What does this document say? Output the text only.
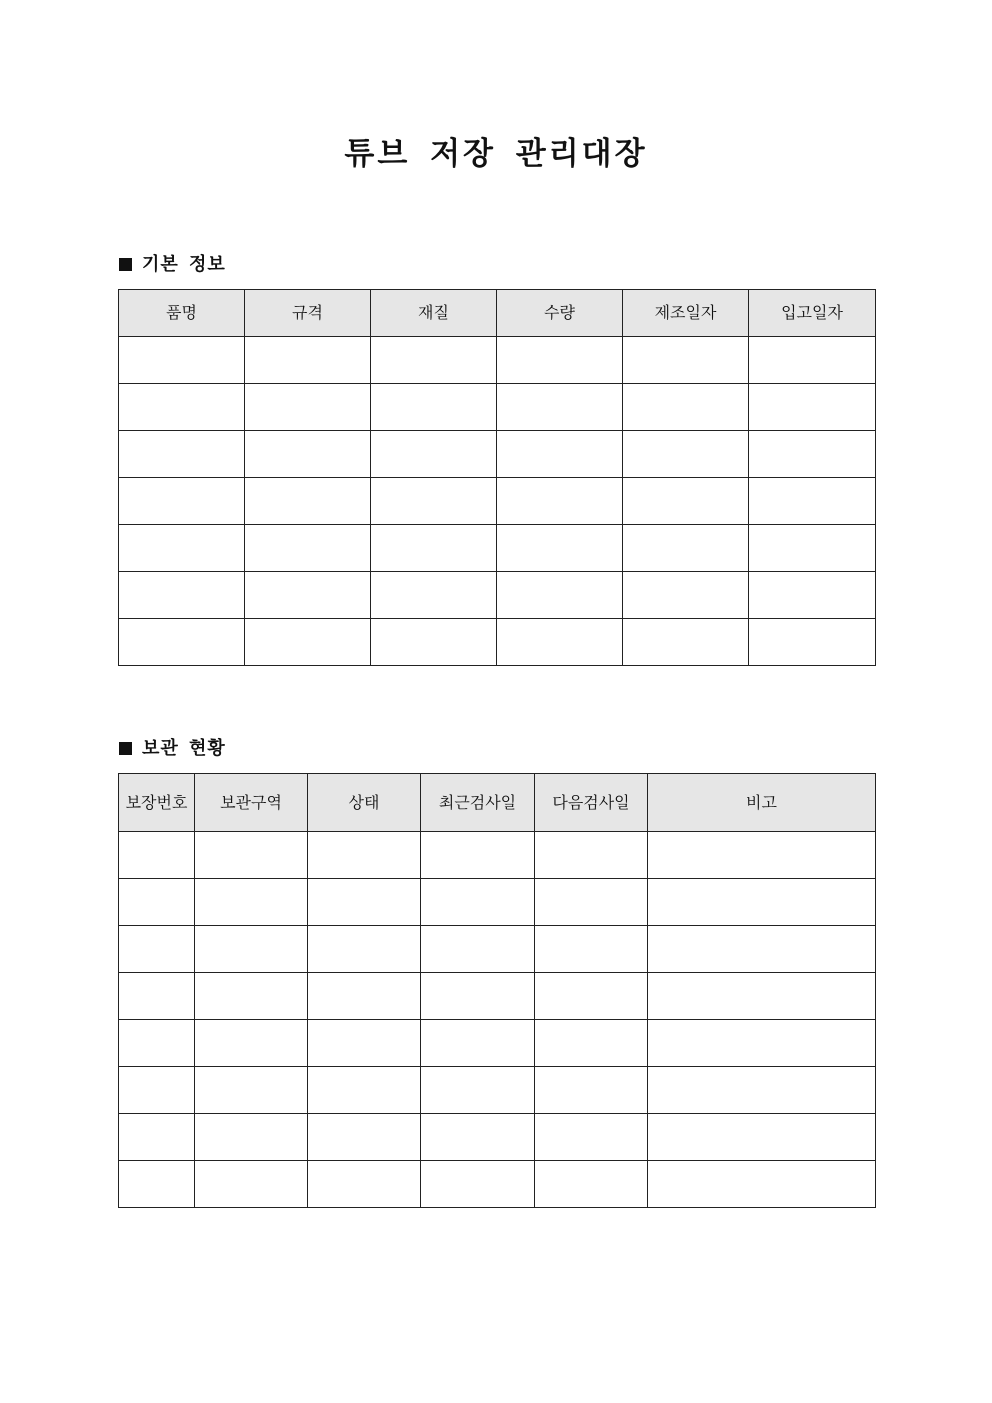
튜브 저장 관리대장
기본 정보
품명	규격	재질	수량	제조일자	입고일자

보관 현황
보장번호	보관구역	상태	최근검사일	다음검사일	비고
